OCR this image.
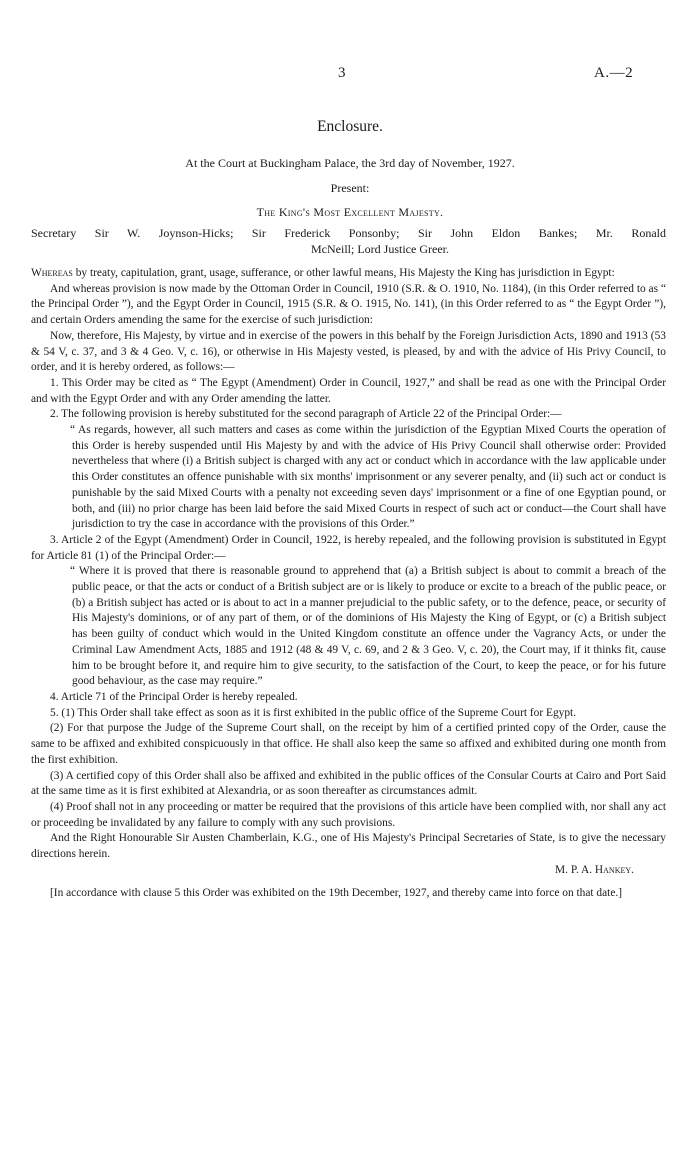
3	A.—2
Enclosure.
At the Court at Buckingham Palace, the 3rd day of November, 1927.
Present:
The King's Most Excellent Majesty.
Secretary Sir W. Joynson-Hicks; Sir Frederick Ponsonby; Sir John Eldon Bankes; Mr. Ronald
McNeill; Lord Justice Greer.

Whereas by treaty, capitulation, grant, usage, sufferance, or other lawful means, His Majesty the King has jurisdiction in Egypt:

And whereas provision is now made by the Ottoman Order in Council, 1910 (S.R. & O. 1910, No. 1184), (in this Order referred to as “ the Principal Order ”), and the Egypt Order in Council, 1915 (S.R. & O. 1915, No. 141), (in this Order referred to as “ the Egypt Order ”), and certain Orders amending the same for the exercise of such jurisdiction:

Now, therefore, His Majesty, by virtue and in exercise of the powers in this behalf by the Foreign Jurisdiction Acts, 1890 and 1913 (53 & 54 V, c. 37, and 3 & 4 Geo. V, c. 16), or otherwise in His Majesty vested, is pleased, by and with the advice of His Privy Council, to order, and it is hereby ordered, as follows:—

1. This Order may be cited as “ The Egypt (Amendment) Order in Council, 1927,” and shall be read as one with the Principal Order and with the Egypt Order and with any Order amending the latter.

2. The following provision is hereby substituted for the second paragraph of Article 22 of the Principal Order:—

“ As regards, however, all such matters and cases as come within the jurisdiction of the Egyptian Mixed Courts the operation of this Order is hereby suspended until His Majesty by and with the advice of His Privy Council shall otherwise order: Provided nevertheless that where (i) a British subject is charged with any act or conduct which in accordance with the law applicable under this Order constitutes an offence punishable with six months' imprisonment or any severer penalty, and (ii) such act or conduct is punishable by the said Mixed Courts with a penalty not exceeding seven days' imprisonment or a fine of one Egyptian pound, or both, and (iii) no prior charge has been laid before the said Mixed Courts in respect of such act or conduct—the Court shall have jurisdiction to try the case in accordance with the provisions of this Order.”

3. Article 2 of the Egypt (Amendment) Order in Council, 1922, is hereby repealed, and the following provision is substituted in Egypt for Article 81 (1) of the Principal Order:—

“ Where it is proved that there is reasonable ground to apprehend that (a) a British subject is about to commit a breach of the public peace, or that the acts or conduct of a British subject are or is likely to produce or excite to a breach of the public peace, or (b) a British subject has acted or is about to act in a manner prejudicial to the public safety, or to the defence, peace, or security of His Majesty's dominions, or of any part of them, or of the dominions of His Majesty the King of Egypt, or (c) a British subject has been guilty of conduct which would in the United Kingdom constitute an offence under the Vagrancy Acts, or under the Criminal Law Amendment Acts, 1885 and 1912 (48 & 49 V, c. 69, and 2 & 3 Geo. V, c. 20), the Court may, if it thinks fit, cause him to be brought before it, and require him to give security, to the satisfaction of the Court, to keep the peace, or for his future good behaviour, as the case may require.”

4. Article 71 of the Principal Order is hereby repealed.

5. (1) This Order shall take effect as soon as it is first exhibited in the public office of the Supreme Court for Egypt.

(2) For that purpose the Judge of the Supreme Court shall, on the receipt by him of a certified printed copy of the Order, cause the same to be affixed and exhibited conspicuously in that office. He shall also keep the same so affixed and exhibited during one month from the first exhibition.

(3) A certified copy of this Order shall also be affixed and exhibited in the public offices of the Consular Courts at Cairo and Port Said at the same time as it is first exhibited at Alexandria, or as soon thereafter as circumstances admit.

(4) Proof shall not in any proceeding or matter be required that the provisions of this article have been complied with, nor shall any act or proceeding be invalidated by any failure to comply with any such provisions.

And the Right Honourable Sir Austen Chamberlain, K.G., one of His Majesty's Principal Secretaries of State, is to give the necessary directions herein.

M. P. A. Hankey.

[In accordance with clause 5 this Order was exhibited on the 19th December, 1927, and thereby came into force on that date.]
